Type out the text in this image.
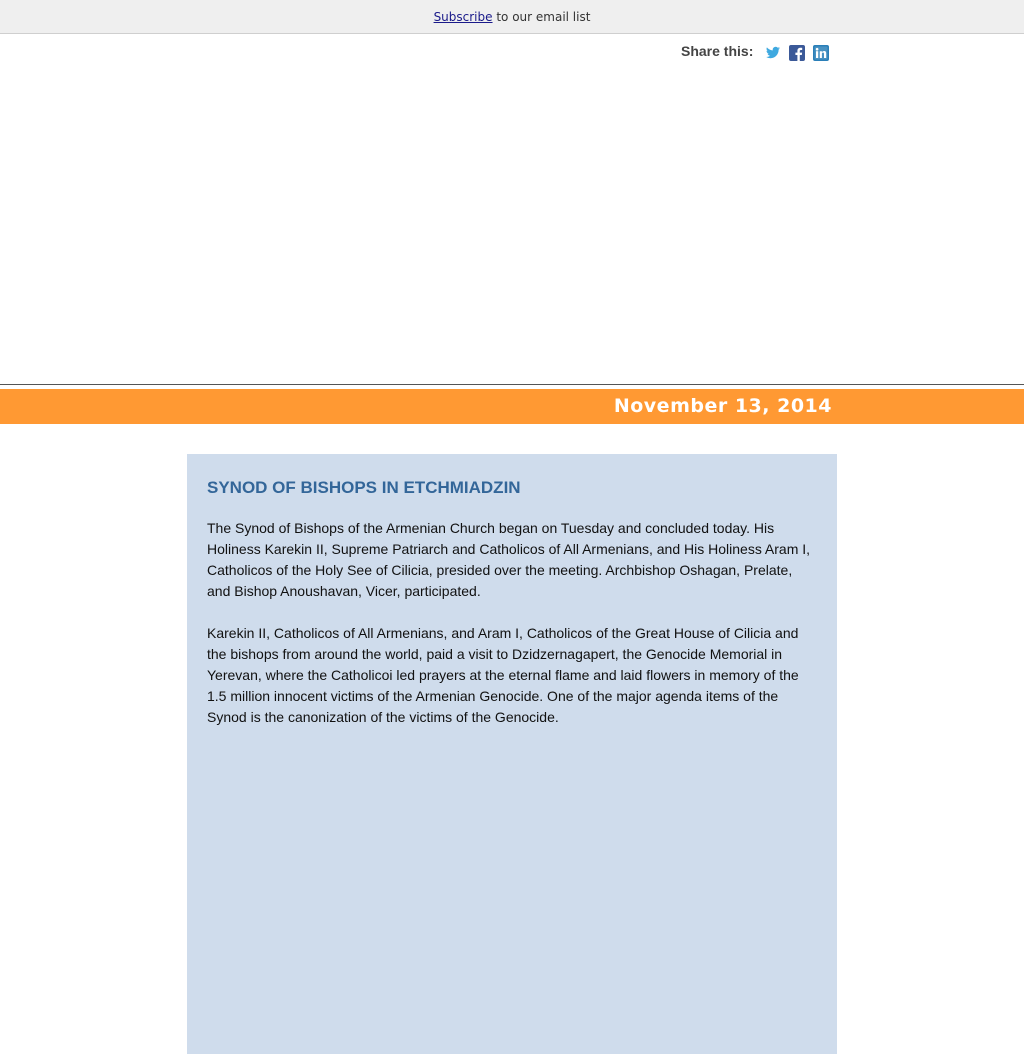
Subscribe to our email list
Share this:
November 13, 2014
SYNOD OF BISHOPS IN ETCHMIADZIN

The Synod of Bishops of the Armenian Church began on Tuesday and concluded today. His Holiness Karekin II, Supreme Patriarch and Catholicos of All Armenians, and His Holiness Aram I, Catholicos of the Holy See of Cilicia, presided over the meeting. Archbishop Oshagan, Prelate, and Bishop Anoushavan, Vicer, participated.

Karekin II, Catholicos of All Armenians, and Aram I, Catholicos of the Great House of Cilicia and the bishops from around the world, paid a visit to Dzidzernagapert, the Genocide Memorial in Yerevan, where the Catholicoi led prayers at the eternal flame and laid flowers in memory of the 1.5 million innocent victims of the Armenian Genocide. One of the major agenda items of the Synod is the canonization of the victims of the Genocide.
